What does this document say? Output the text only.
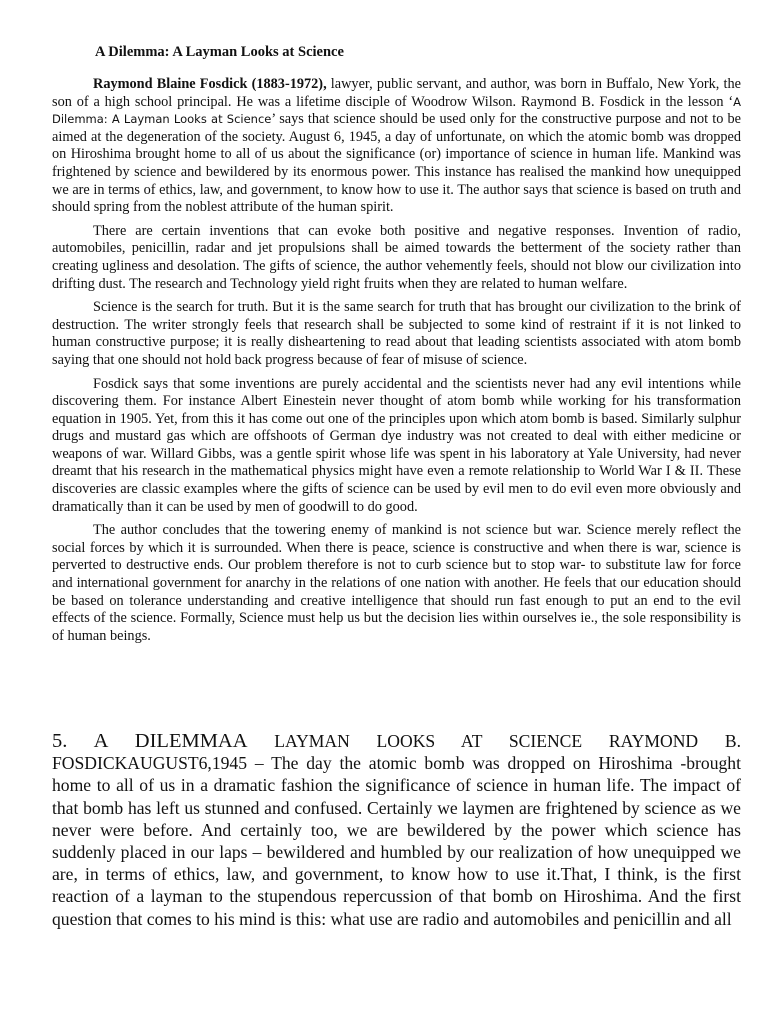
A Dilemma: A Layman Looks at Science

Raymond Blaine Fosdick (1883-1972), lawyer, public servant, and author, was born in Buffalo, New York, the son of a high school principal. He was a lifetime disciple of Woodrow Wilson. Raymond B. Fosdick in the lesson ‘A Dilemma: A Layman Looks at Science’ says that science should be used only for the constructive purpose and not to be aimed at the degeneration of the society. August 6, 1945, a day of unfortunate, on which the atomic bomb was dropped on Hiroshima brought home to all of us about the significance (or) importance of science in human life. Mankind was frightened by science and bewildered by its enormous power. This instance has realised the mankind how unequipped we are in terms of ethics, law, and government, to know how to use it. The author says that science is based on truth and should spring from the noblest attribute of the human spirit.

There are certain inventions that can evoke both positive and negative responses. Invention of radio, automobiles, penicillin, radar and jet propulsions shall be aimed towards the betterment of the society rather than creating ugliness and desolation. The gifts of science, the author vehemently feels, should not blow our civilization into drifting dust. The research and Technology yield right fruits when they are related to human welfare.

Science is the search for truth. But it is the same search for truth that has brought our civilization to the brink of destruction. The writer strongly feels that research shall be subjected to some kind of restraint if it is not linked to human constructive purpose; it is really disheartening to read about that leading scientists associated with atom bomb saying that one should not hold back progress because of fear of misuse of science.

Fosdick says that some inventions are purely accidental and the scientists never had any evil intentions while discovering them. For instance Albert Einestein never thought of atom bomb while working for his transformation equation in 1905. Yet, from this it has come out one of the principles upon which atom bomb is based. Similarly sulphur drugs and mustard gas which are offshoots of German dye industry was not created to deal with either medicine or weapons of war. Willard Gibbs, was a gentle spirit whose life was spent in his laboratory at Yale University, had never dreamt that his research in the mathematical physics might have even a remote relationship to World War I & II. These discoveries are classic examples where the gifts of science can be used by evil men to do evil even more obviously and dramatically than it can be used by men of goodwill to do good.

The author concludes that the towering enemy of mankind is not science but war. Science merely reflect the social forces by which it is surrounded. When there is peace, science is constructive and when there is war, science is perverted to destructive ends. Our problem therefore is not to curb science but to stop war- to substitute law for force and international government for anarchy in the relations of one nation with another. He feels that our education should be based on tolerance understanding and creative intelligence that should run fast enough to put an end to the evil effects of the science. Formally, Science must help us but the decision lies within ourselves ie., the sole responsibility is of human beings.

5. A DILEMMAA LAYMAN LOOKS AT SCIENCE RAYMOND B. FOSDICKAUGUST6,1945 – The day the atomic bomb was dropped on Hiroshima -brought home to all of us in a dramatic fashion the significance of science in human life. The impact of that bomb has left us stunned and confused. Certainly we laymen are frightened by science as we never were before. And certainly too, we are bewildered by the power which science has suddenly placed in our laps – bewildered and humbled by our realization of how unequipped we are, in terms of ethics, law, and government, to know how to use it.That, I think, is the first reaction of a layman to the stupendous repercussion of that bomb on Hiroshima. And the first question that comes to his mind is this: what use are radio and automobiles and penicillin and all
